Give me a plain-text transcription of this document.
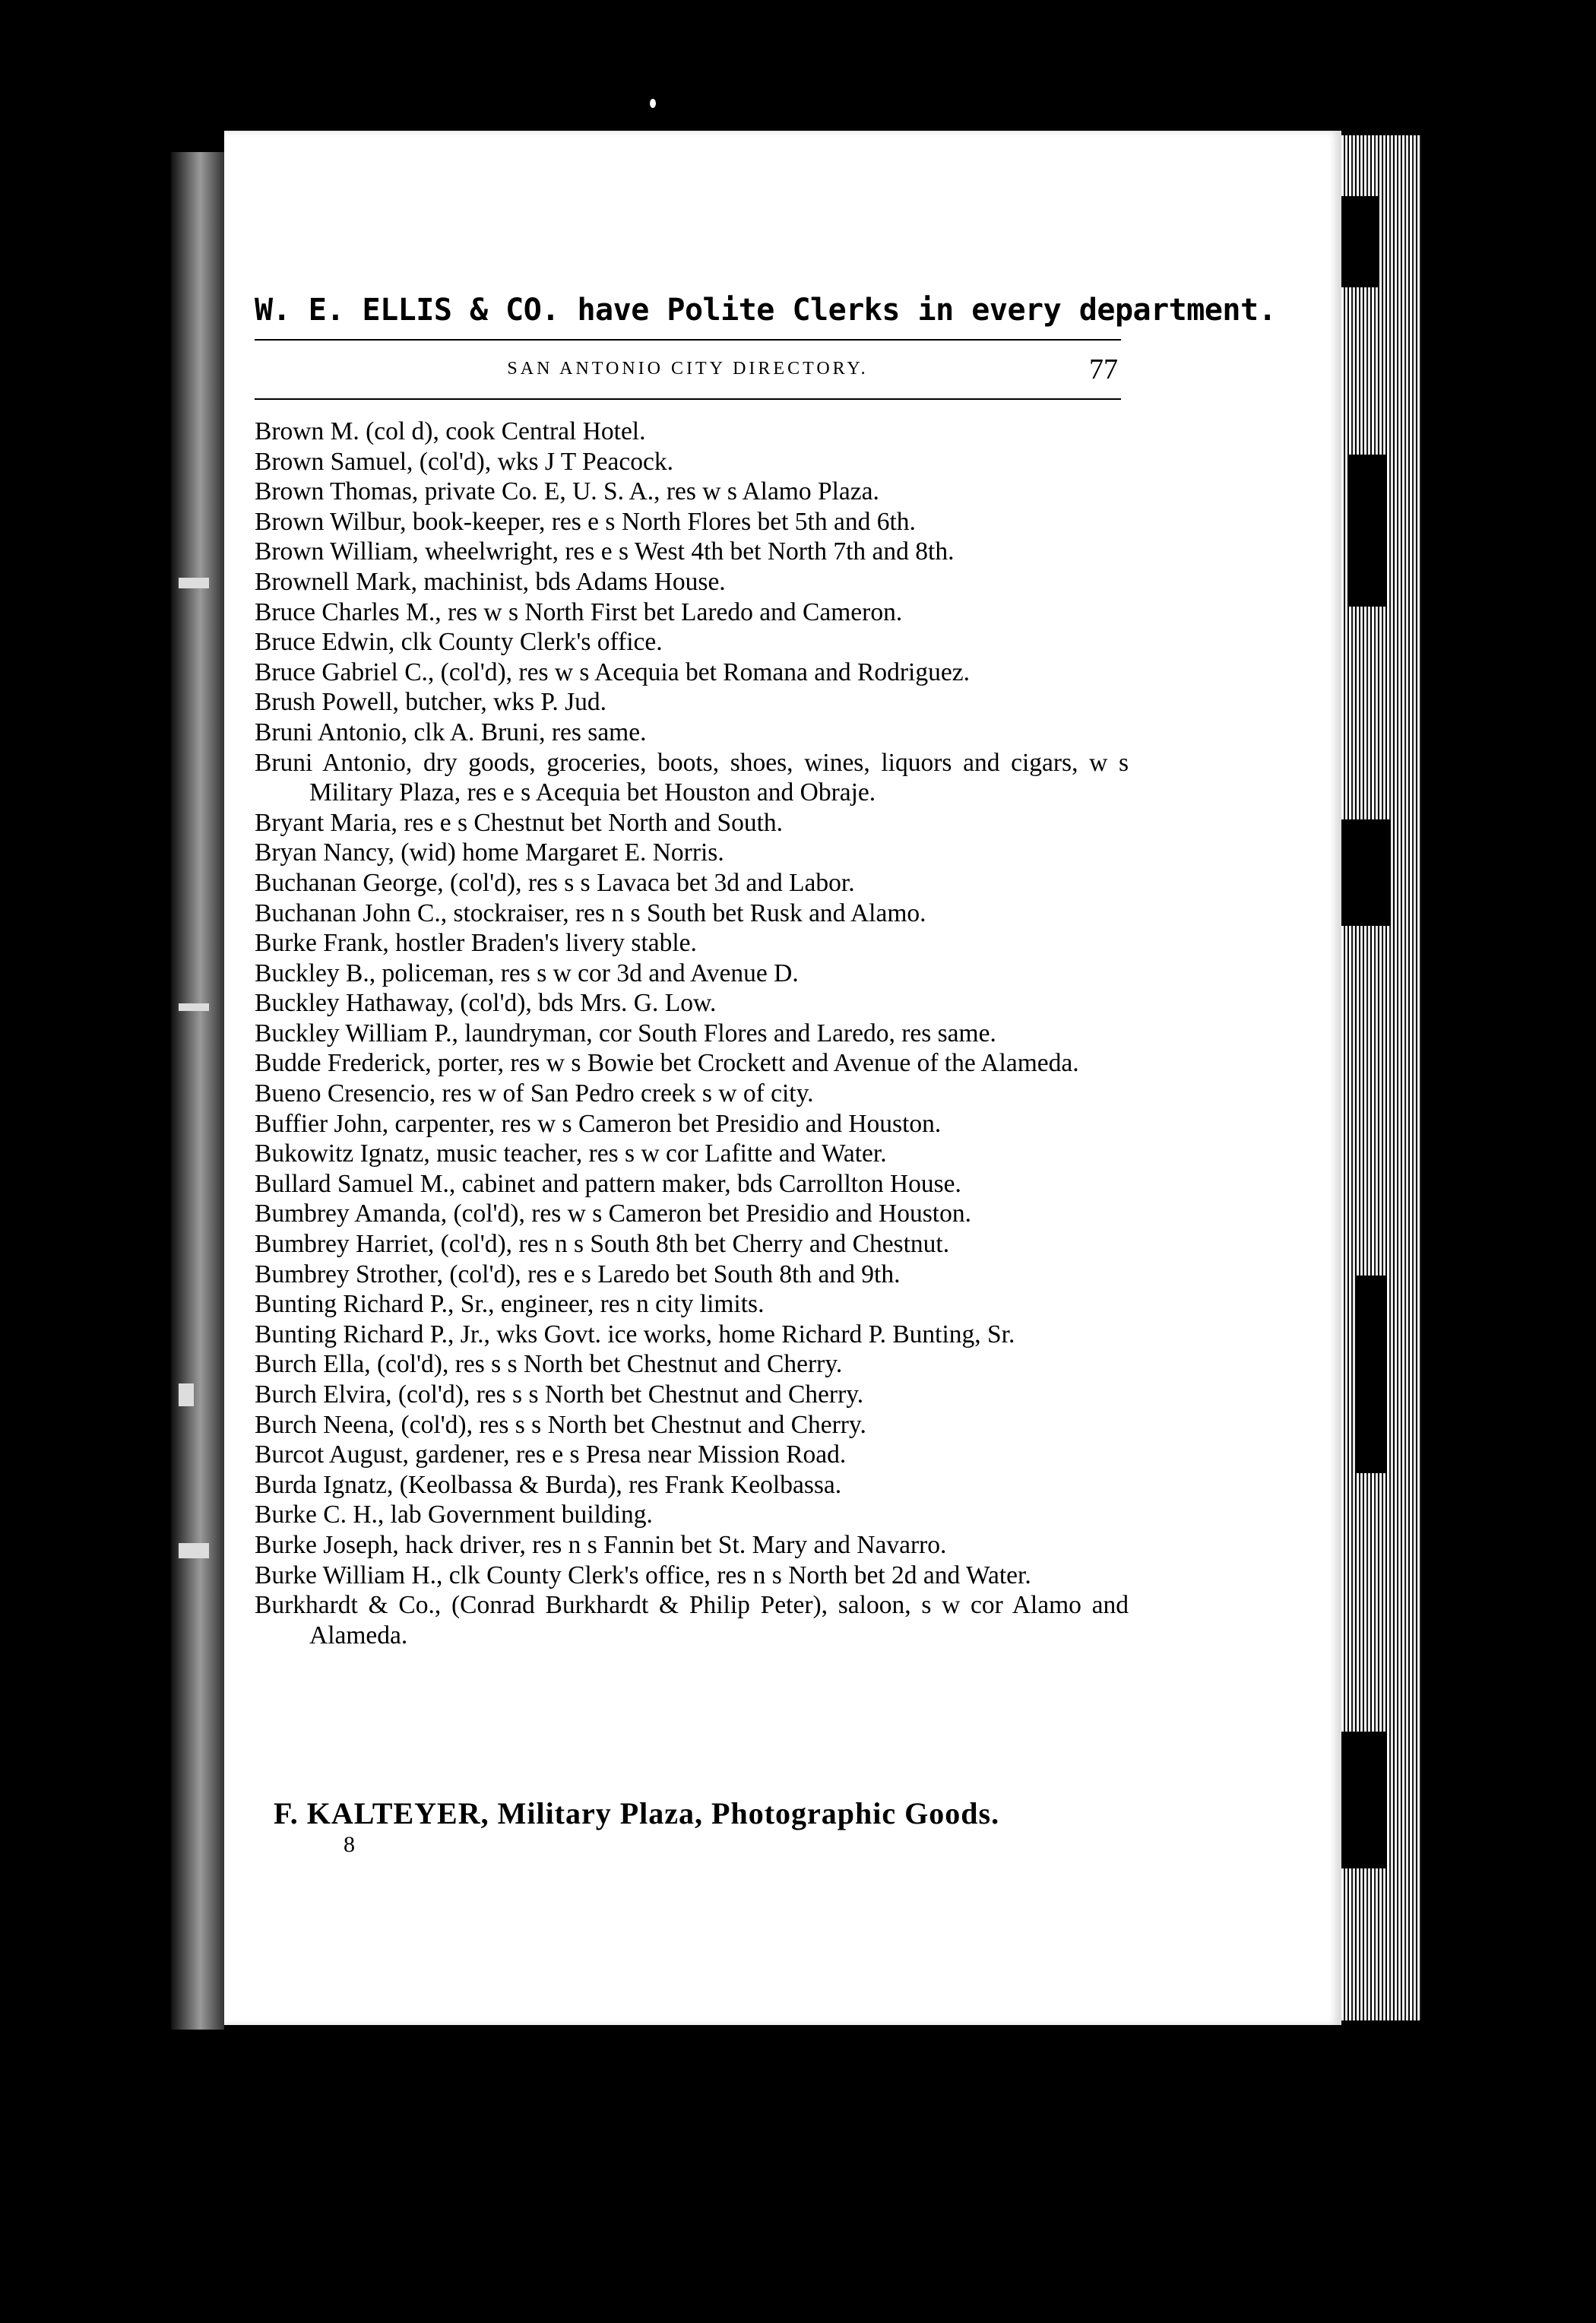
W. E. ELLIS & CO. have Polite Clerks in every department.
SAN ANTONIO CITY DIRECTORY.	77
Brown M. (col d), cook Central Hotel.
Brown Samuel, (col'd), wks J T Peacock.
Brown Thomas, private Co. E, U. S. A., res w s Alamo Plaza.
Brown Wilbur, book-keeper, res e s North Flores bet 5th and 6th.
Brown William, wheelwright, res e s West 4th bet North 7th and 8th.
Brownell Mark, machinist, bds Adams House.
Bruce Charles M., res w s North First bet Laredo and Cameron.
Bruce Edwin, clk County Clerk's office.
Bruce Gabriel C., (col'd), res w s Acequia bet Romana and Rodriguez.
Brush Powell, butcher, wks P. Jud.
Bruni Antonio, clk A. Bruni, res same.
Bruni Antonio, dry goods, groceries, boots, shoes, wines, liquors and cigars, w s Military Plaza, res e s Acequia bet Houston and Obraje.
Bryant Maria, res e s Chestnut bet North and South.
Bryan Nancy, (wid) home Margaret E. Norris.
Buchanan George, (col'd), res s s Lavaca bet 3d and Labor.
Buchanan John C., stockraiser, res n s South bet Rusk and Alamo.
Burke Frank, hostler Braden's livery stable.
Buckley B., policeman, res s w cor 3d and Avenue D.
Buckley Hathaway, (col'd), bds Mrs. G. Low.
Buckley William P., laundryman, cor South Flores and Laredo, res same.
Budde Frederick, porter, res w s Bowie bet Crockett and Avenue of the Alameda.
Bueno Cresencio, res w of San Pedro creek s w of city.
Buffier John, carpenter, res w s Cameron bet Presidio and Houston.
Bukowitz Ignatz, music teacher, res s w cor Lafitte and Water.
Bullard Samuel M., cabinet and pattern maker, bds Carrollton House.
Bumbrey Amanda, (col'd), res w s Cameron bet Presidio and Houston.
Bumbrey Harriet, (col'd), res n s South 8th bet Cherry and Chestnut.
Bumbrey Strother, (col'd), res e s Laredo bet South 8th and 9th.
Bunting Richard P., Sr., engineer, res n city limits.
Bunting Richard P., Jr., wks Govt. ice works, home Richard P. Bunting, Sr.
Burch Ella, (col'd), res s s North bet Chestnut and Cherry.
Burch Elvira, (col'd), res s s North bet Chestnut and Cherry.
Burch Neena, (col'd), res s s North bet Chestnut and Cherry.
Burcot August, gardener, res e s Presa near Mission Road.
Burda Ignatz, (Keolbassa & Burda), res Frank Keolbassa.
Burke C. H., lab Government building.
Burke Joseph, hack driver, res n s Fannin bet St. Mary and Navarro.
Burke William H., clk County Clerk's office, res n s North bet 2d and Water.
Burkhardt & Co., (Conrad Burkhardt & Philip Peter), saloon, s w cor Alamo and Alameda.
F. KALTEYER, Military Plaza, Photographic Goods.
8
